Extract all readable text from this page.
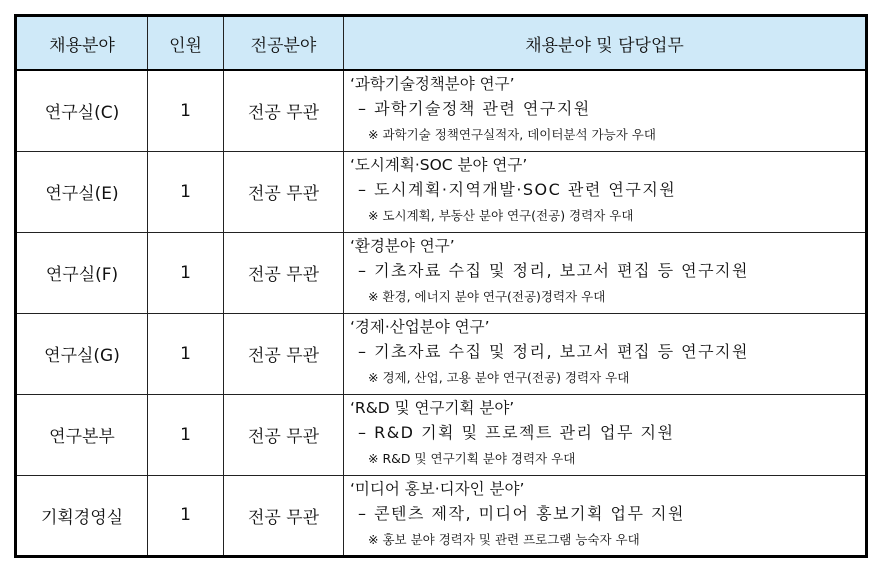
채용분야	인원	전공분야	채용분야 및 담당업무
연구실(C)	1	전공 무관	‘과학기술정책분야 연구’
– 과학기술정책 관련 연구지원
※ 과학기술 정책연구실적자, 데이터분석 가능자 우대

연구실(E)	1	전공 무관	‘도시계획·SOC 분야 연구’
– 도시계획·지역개발·SOC 관련 연구지원
※ 도시계획, 부동산 분야 연구(전공) 경력자 우대

연구실(F)	1	전공 무관	‘환경분야 연구’
– 기초자료 수집 및 정리, 보고서 편집 등 연구지원
※ 환경, 에너지 분야 연구(전공)경력자 우대

연구실(G)	1	전공 무관	‘경제·산업분야 연구’
– 기초자료 수집 및 정리, 보고서 편집 등 연구지원
※ 경제, 산업, 고용 분야 연구(전공) 경력자 우대

연구본부	1	전공 무관	‘R&D 및 연구기획 분야’
– R&D 기획 및 프로젝트 관리 업무 지원
※ R&D 및 연구기획 분야 경력자 우대

기획경영실	1	전공 무관	‘미디어 홍보·디자인 분야’
– 콘텐츠 제작, 미디어 홍보기획 업무 지원
※ 홍보 분야 경력자 및 관련 프로그램 능숙자 우대
